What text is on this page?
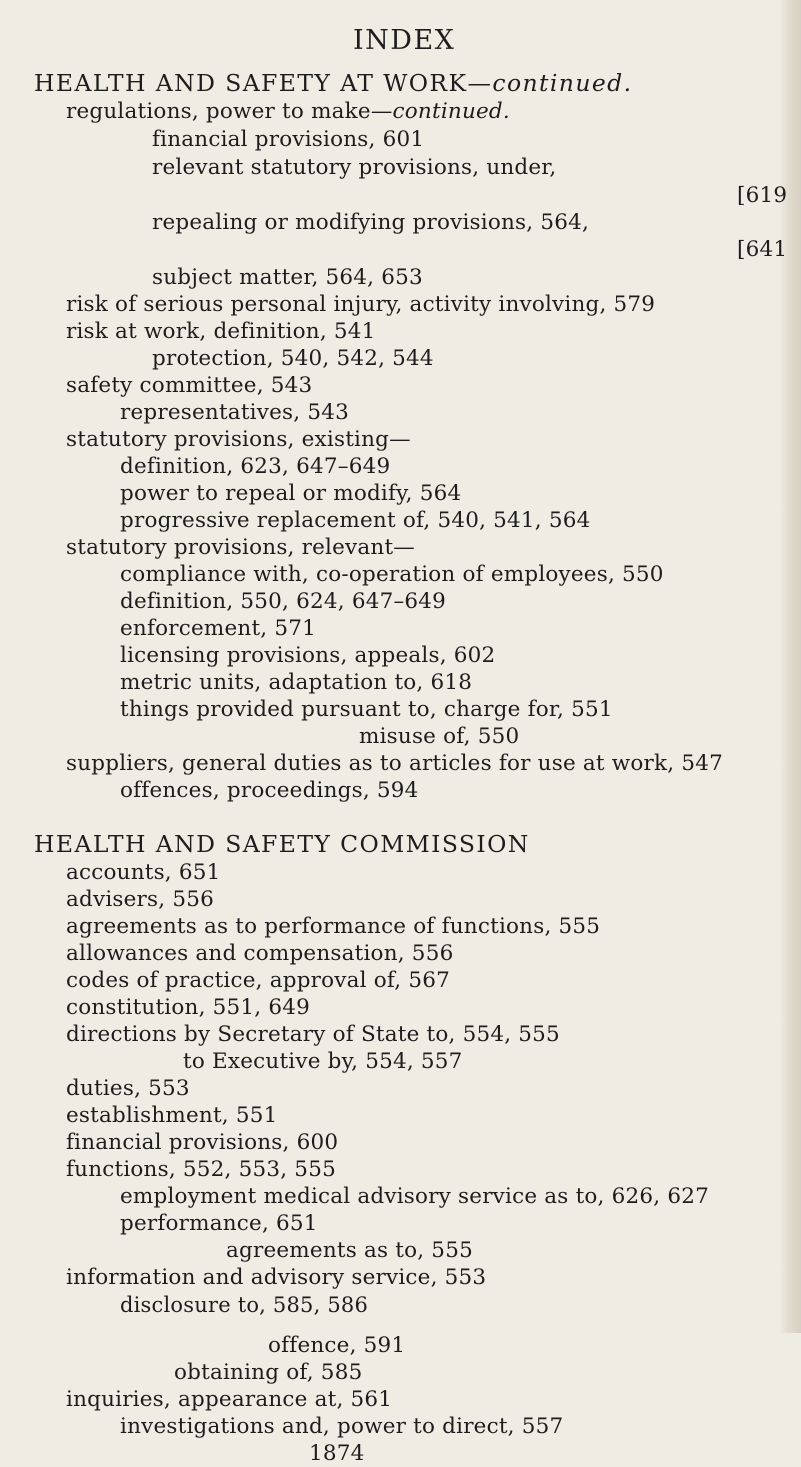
INDEX
HEALTH AND SAFETY AT WORK—continued.
regulations, power to make—continued.
financial provisions, 601
relevant statutory provisions, under,
[619
repealing or modifying provisions, 564,
[641
subject matter, 564, 653
risk of serious personal injury, activity involving, 579
risk at work, definition, 541
protection, 540, 542, 544
safety committee, 543
representatives, 543
statutory provisions, existing—
definition, 623, 647–649
power to repeal or modify, 564
progressive replacement of, 540, 541, 564
statutory provisions, relevant—
compliance with, co-operation of employees, 550
definition, 550, 624, 647–649
enforcement, 571
licensing provisions, appeals, 602
metric units, adaptation to, 618
things provided pursuant to, charge for, 551
misuse of, 550
suppliers, general duties as to articles for use at work, 547
offences, proceedings, 594
HEALTH AND SAFETY COMMISSION
accounts, 651
advisers, 556
agreements as to performance of functions, 555
allowances and compensation, 556
codes of practice, approval of, 567
constitution, 551, 649
directions by Secretary of State to, 554, 555
to Executive by, 554, 557
duties, 553
establishment, 551
financial provisions, 600
functions, 552, 553, 555
employment medical advisory service as to, 626, 627
performance, 651
agreements as to, 555
information and advisory service, 553
disclosure to, 585, 586
offence, 591
obtaining of, 585
inquiries, appearance at, 561
investigations and, power to direct, 557
1874
